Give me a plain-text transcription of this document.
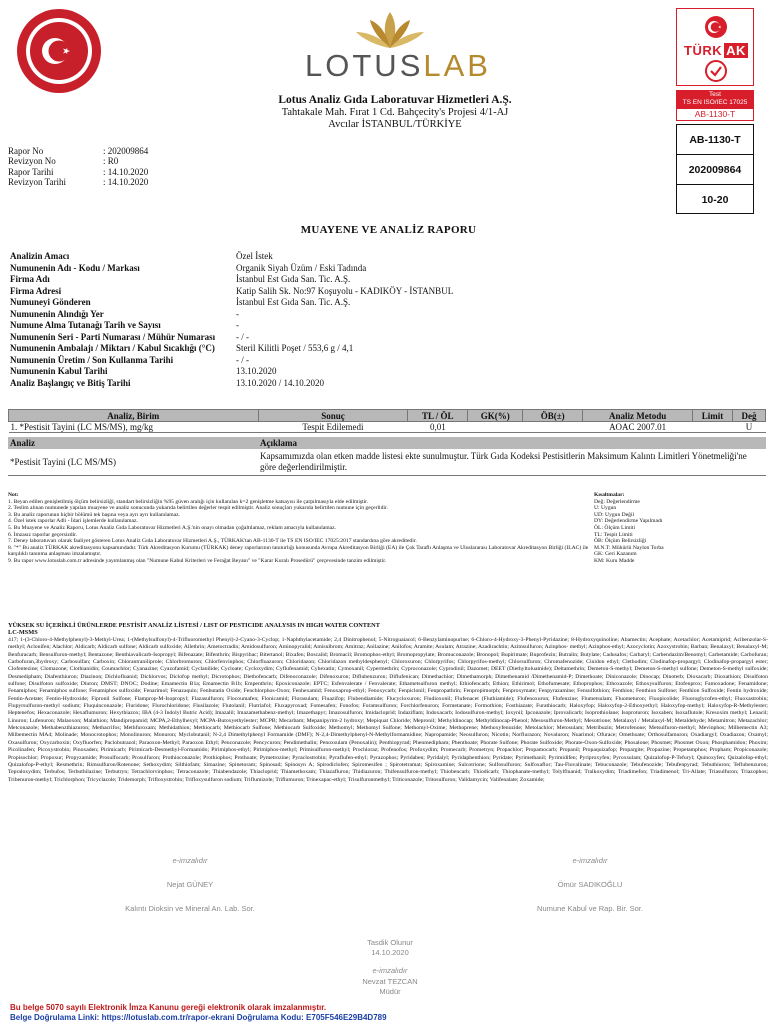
LOTUSLAB
Lotus Analiz Gıda Laboratuvar Hizmetleri A.Ş.
Tahtakale Mah. Fırat 1 Cd. Bahçecity's Projesi 4/1-AJ
Avcılar İSTANBUL/TÜRKİYE
TÜRK AK
Test
TS EN ISO/IEC 17025
AB-1130-T
AB-1130-T
202009864
10-20
Rapor No	: 202009864
Revizyon No	: R0
Rapor Tarihi	: 14.10.2020
Revizyon Tarihi	: 14.10.2020
MUAYENE VE ANALİZ RAPORU
Analizin Amacı	Özel İstek
Numunenin Adı - Kodu / Markası	Organik Siyah Üzüm / Eski Tadında
Firma Adı	İstanbul Est Gıda San. Tic. A.Ş.
Firma Adresi	Katip Salih Sk. No:97 Koşuyolu - KADIKÖY - İSTANBUL
Numuneyi Gönderen	İstanbul Est Gıda San. Tic. A.Ş.
Numunenin Alındığı Yer	-
Numune Alma Tutanağı Tarih ve Sayısı	-
Numunenin Seri - Parti Numarası / Mühür Numarası	- / -
Numunenin Ambalajı / Miktarı / Kabul Sıcaklığı (°C)	Steril Kilitli Poşet / 553,6 g / 4,1
Numunenin Üretim / Son Kullanma Tarihi	- / -
Numunenin Kabul Tarihi	13.10.2020
Analiz Başlangıç ve Bitiş Tarihi	13.10.2020 / 14.10.2020
Analiz, Birim	Sonuç	TL / ÖL	GK(%)	ÖB(±)	Analiz Metodu	Limit	Değ
1. *Pestisit Tayini (LC MS/MS), mg/kg	Tespit Edilemedi	0,01			AOAC 2007.01		U
Analiz	Açıklama
*Pestisit Tayini (LC MS/MS)	Kapsamımızda olan etken madde listesi ekte sunulmuştur. Türk Gıda Kodeksi Pestisitlerin Maksimum Kalıntı Limitleri Yönetmeliği'ne göre değerlendirilmiştir.
Not:
1. Beyan edilen genişletilmiş ölçüm belirsizliği, standart belirsizliğin %95 güven aralığı için kullanılan k=2 genişletme katsayısı ile çarpılmasıyla elde edilmiştir.
2. Teslim alınan numunede yapılan muayene ve analiz sonucunda yukarıda belirtilen değerler tespit edilmiştir. Analiz sonuçları yukarıda belirtilen numune için geçerlidir.
3. Bu analiz raporunun hiçbir bölümü tek başına veya ayrı ayrı kullanılamaz.
4. Özel istek raporlar Adli - İdari işlemlerde kullanılamaz.
5. Bu Muayene ve Analiz Raporu, Lotus Analiz Gıda Laboratuvar Hizmetleri A.Ş.'nin onayı olmadan çoğaltılamaz, reklam amacıyla kullanılamaz.
6. İmzasız raporlar geçersizdir.
7. Deney laboratuvarı olarak faaliyet gösteren Lotus Analiz Gıda Laboratuvar Hizmetleri A.Ş., TÜRKAK'tan AB-1130-T ile TS EN ISO/IEC 17025:2017 standardına göre akreditedir.
8. "*" Bu analiz TÜRKAK akreditasyonu kapsamındadır. Türk Akreditasyon Kurumu (TÜRKAK) deney raporlarının tanınırlığı konusunda Avrupa Akreditasyon Birliği (EA) ile Çok Taraflı Anlaşma ve Uluslararası Laboratuvar Akreditasyon Birliği (ILAC) ile karşılıklı tanınma anlaşması imzalamıştır.
9. Bu rapor www.lotuslab.com.tr adresinde yayımlanmış olan "Numune Kabul Kriterleri ve Ferağat Beyanı" ve "Karar Kuralı Prosedürü" çerçevesinde tanzim edilmiştir.
Kısaltmalar:
Değ: Değerlendirme
U: Uygun
UD: Uygun Değil
DY: Değerlendirme Yapılmadı
ÖL: Ölçüm Limiti
TL: Tespit Limiti
ÖB: Ölçüm Belirsizliği
M.N.T: Mühürlü Naylon Torba
GK: Geri Kazanım
KM: Kuru Madde
YÜKSEK SU İÇERİKLİ ÜRÜNLERDE PESTİSİT ANALİZ LİSTESİ / LIST OF PESTICIDE ANALYSIS IN HIGH WATER CONTENT
LC-MSMS
417; 1-(3-Chloro-4-Methylphenyl)-3-Methyl-Urea; 1-(Methylsulfonyl)-4-Trifluoromethyl Phenyl)-2-Cyano-3-Cyclop; 1-Naphthylacetamide; 2,4 Dinitrophenol; 5-Nitroguaiacol; 6-Benzylaminopurine; 6-Chloro-4-Hydroxy-3-Phenyl-Pyridazine; 8-Hydroxyquinoline; Abamectin; Acephate; Acetachlor; Acetamiprid; Acibenzolar-S-methyl; Aclonifen; Alachlor; Aldicarb; Aldicarb sulfone; Aldicarb sulfoxide; Allethrin; Ametoctradin; Amidosulfuron; Aminopyralid; Amisulbrom; Amitraz; Anilazine; Anilofos; Aramite; Asulam; Atrazine; Azadirachtin; Azimsulfuron; Azinphos- methyl; Azinphos-ethyl; Azocyclotin; Azoxystrobin; Barban; Benalaxyl; Benalaxyl-M; Benfuracarb; Bensulfuron-methyl; Bentazone; Benthiavalicarb-Isopropyl; Bifenazate; Bifenthrin; Bispyribac; Bitertanol; Bixafen; Boscalid; Bromacil; Bromophos-ethyl; Bromopropylate; Bromuconazole; Bronopol; Bupirimate; Buprofezin; Butralin; Butylate; Cadusafos; Carbaryl; Carbendazim/Benomyl; Carbetamide; Carbofuran; Carbofuran,3hydroxy; Carbosulfan; Carboxin; Chlorantraniliprole; Chlorbromuron; Chlorfenvinphos; Chlorfluazuron; Chloridazon; Chloridazon methyldesphenyl; Chloroxuron; Chlorpyrifos; Chlorpyrifos-methyl; Chlorsulfuron; Chromafenozide; Cinidon ethyl; Clethodim; Clodinafop-propargyl; Clodinafop-propargyl ester; Clofentezine; Clomazone; Clothianidin; Coumachlor; Cyanazine; Cyazofamid; Cyclanilide; Cycloate; Cycloxydim; Cyflufenamid; Cyhexatin; Cymoxanil; Cypermethrin; Cyproconazole; Cyprodinil; Dazomet; DEET (Diethyltoluamide); Deltamethrin; Demeton-S-methyl; Demeton-S-methyl sulfone; Demeton-S-methyl sulfoxide; Desmedipham; Diafenthiuron; Diazinon; Dichlofluanid; Dichlorvos; Diclofop methyl; Dicrotophos; Diethofencarb; Difenoconazole; Difenoxuron; Diflubenzuron; Diflufenican; Dimethachlor; Dimethamorph; Dimethenamid /Dimethenamid-P; Dimethoate; Diniconazole; Dinocap; Dinoterb; Dioxacarb; Dioxathion; Disulfoton sulfone; Disulfoton sulfoxide; Diuron; DMST; DNOC; Dodine; Emamectin B1a; Emamectin B1b; Empenthrin; Epoxiconazole; EPTC; Esfenvalerate / Fenvalerate; Ethametsulfuron methyl; Ethiofencarb; Ethion; Ethirimol; Ethofumesate; Ethoprophos; Ethoxazole; Ethoxysulfuron; Etofenprox; Famoxadone; Fenamidone; Fenamiphos; Fenamiphos sulfone; Fenamiphos sulfoxide; Fenarimol; Fenazaquin; Fenbutatin Oxide; Fenchlorphos-Oxon; Fenhexamid; Fenoxaprop-ethyl; Fenoxycarb; Fenpiclonil; Fenpropathrin; Fenpropimorph; Fenproxymate; Fenpyrazamine; Fensulfothion; Fenthion; Fenthion Sulfone; Fenthion Sulfoxide; Fentin hydroxide; Fentin-Acetate; Fentin-Hydroxide; Fipronil Sulfone; Flamprop-M-Isopropyl; Flazasulfuron; Flocoumafen; Flonicamid; Florasulam; Fluazifop; Flubendiamide; Flucycloxuron; Fludioxonil; Flufenacet (Fluthiamide); Flufenoxuron; Flufenzine; Flumetsulam; Fluometuron; Fluopicolide; Fluoroglycofen-ethyl; Fluoxastrobin; Flupyrsulfuron-methyl sodium; Fluquinconazole; Fluridone; Flurochloridone; Flusilazole; Flutolanil; Flutriafol; Fluxapyroxad; Fomesafen; Fonofos; Foramsulfuron; Forchlorfenuron; Formetanate; Formothion; Fosthiazate; Furathiocarb; Haloxyfop; Haloxyfop-2-Ethoxyethyl; Haloxyfop-methyl; Haloxyfop-R-Methylester; Heptenefos; Hexaconazole; Hexaflumuron; Hexythiazox; IBA (4-3 İndolyl Butric Acid); Imazalil; Imazamethabenz-methyl; Imazethapyr; Imazosulfuron; Imidacloprid; Indaziflam; Indoxacarb; Iodosulfuron-methyl; Ioxynil; Ipconazole; Iprovalicarb; Isoprothiolane; Isoproturon; Isoxaben; Isoxaflutole; Kresoxim methyl; Lenacil; Linuron; Lufenuron; Malaoxon; Malathion; Mandipropamid; MCPA,2-Ethylhexyl; MCPA-Butoxyethylester; MCPB; Mecarbam; Mepanipyrim-2 hydroxy; Mepiquat Chloride; Mepronil; Methyldinocap; Methyldinocap-Phenol; Mesosulfuron-Methyl; Mesotrione; Metalaxyl / Metalaxyl-M; Metaldehyde; Metamitron; Metazachlor; Metconazole; Methabenzthiazuron; Methacrifos; Methfuroxam; Methidathion; Methiocarb; Methiocarb Sulfone; Methiocarb Sulfoxide; Methomyl; Methomyl Sulfone; Methomyl-Oxime; Methoprene; Methoxyfenozide; Metolachlor; Metosulam; Metribuzin; Metrofenone; Metsulfuron-methyl; Mevinphos; Milbemectin A3; Milbemectin MA4; Molinade; Monocrotophos; Monolinuron; Monuron; Myclobutanil; N-2,4 Dimethylphenyl Formamide (DMF); N-2,4-Dimethylphenyl-N-Methylformamidine; Napropamide; Neosulfuron; Nicotin; Norflurazon; Novaluron; Nuarimol; Ofurace; Omethoate; Orthosulfamuron; Oxadiargyl; Oxadiazon; Oxamyl; Oxasulfuron; Oxycarboxin; Oxyfluorfen; Paclobutrazol; Paraoxon-Methyl; Paraoxon Ethyl; Penconazole; Pencycuron; Pendimethalin; Penoxsulam (Penoxalin); Penthiopyrad; Phenmedipham; Phenthoate; Phorate Sulfone; Phorate Sulfoxide; Phorate-Oxon-Sulfoxide; Phosalone; Phosmet; Phosmet Oxon; Phosphamidon; Phoxim; Picolinafen; Picoxystrobin; Pinoxaden; Pirimicarb; Pirimicarb-Desmethyl-Formamido; Pirimiphos-ethyl; Pirimiphos-methyl; Primisulfuron-methyl; Prochloraz; Profenofos; Profoxydim; Promecarb; Prometryn; Propachlor; Propamocarb; Propanil; Propaquizafop; Propargite; Propazine; Propetamphos; Propham; Propiconazole; Propisochlor; Propoxur; Propyzamide; Prosulfocarb; Prosulfuron; Prothioconazole; Prothiophos; Prothoate; Pymetrozine; Pyraclostrobin; Pyraflufen-ethyl; Pyrazophos; Pyridaben; Pyridalyl; Pyridaphenthion; Pyridate; Pyrimethanil; Pyrimidifen; Pyriproxyfen; Pyroxsulam; Quizalofop-P-Tefuryl; Quinoxyfen; Quizalofop-ethyl; Quizalofop-P-ethyl; Resmethrin; Rimsulfuron/Rotenone; Sethoxydim; Silthiofam; Simazine; Spinetoram; Spinosad; Spinosyn A; Spirodiclofen; Spiromesifen ; Spirotetramat; Spiroxamine; Sulcotrione; Sulfosulfuron; Sulfoxaflor; Tau-Fluvalinate; Tebuconazole; Tebufenozide; Tebufenpyrad; Tebuthiuron; Teflubenzuron; Tepraloxydim; Terbufos; Terbuthilazine; Terbutryn; Tetrachlorvinphos; Tetraconazole; Thiabendazole; Thiacloprid; Thiamethoxam; Thiazafluron; Thidiazuron; Thifensulfuron-methyl; Thiobencarb; Thiodicarb; Thiophanate-methyl; Tolylfluanid; Tralkoxydim; Triadimefon; Triadimenol; Tri-Allate; Triasulfuron; Triazophos; Tribenuron-methyl; Trichlorphon; Tricyclazole; Tridemorph; Trifloxystrobin; Trifloxysulfuron sodium; Triflumizole; Triflumuron; Trinexapac-ethyl; Trisulfuronmethyl; Triticonazole; Tritosulfuron; Validamycin; Valifenalate; Zoxamide;
e-imzalıdır
Nejat GÜNEY
Kalıntı Dioksin ve Mineral An. Lab. Sor.
e-imzalıdır
Ömür SADIKOĞLU
Numune Kabul ve Rap. Bir. Sor.
Tasdik Olunur
14.10.2020
e-imzalıdır
Nevzat TEZCAN
Müdür
Bu belge 5070 sayılı Elektronik İmza Kanunu gereği elektronik olarak imzalanmıştır.
Belge Doğrulama Linki: https://lotuslab.com.tr/rapor-ekrani Doğrulama Kodu: E705F546E29B4D789
